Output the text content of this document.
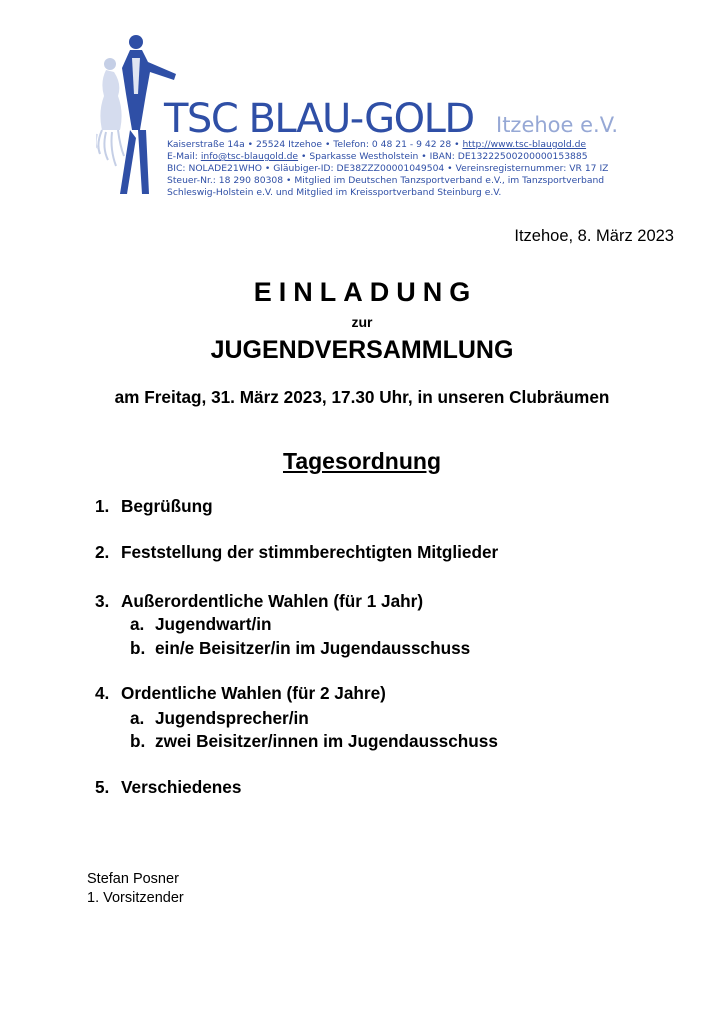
TSC BLAU-GOLD Itzehoe e.V.
Kaiserstraße 14a • 25524 Itzehoe • Telefon: 0 48 21 - 9 42 28 • http://www.tsc-blaugold.de
E-Mail: info@tsc-blaugold.de • Sparkasse Westholstein • IBAN: DE13222500200000153885
BIC: NOLADE21WHO • Gläubiger-ID: DE38ZZZ00001049504 • Vereinsregisternummer: VR 17 IZ
Steuer-Nr.: 18 290 80308 • Mitglied im Deutschen Tanzsportverband e.V., im Tanzsportverband
Schleswig-Holstein e.V. und Mitglied im Kreissportverband Steinburg e.V.
Itzehoe, 8. März 2023
EINLADUNG
zur
JUGENDVERSAMMLUNG
am Freitag, 31. März 2023, 17.30 Uhr, in unseren Clubräumen
Tagesordnung
1. Begrüßung
2. Feststellung der stimmberechtigten Mitglieder
3. Außerordentliche Wahlen (für 1 Jahr)
a. Jugendwart/in
b. ein/e Beisitzer/in im Jugendausschuss
4. Ordentliche Wahlen (für 2 Jahre)
a. Jugendsprecher/in
b. zwei Beisitzer/innen im Jugendausschuss
5. Verschiedenes
Stefan Posner
1. Vorsitzender
